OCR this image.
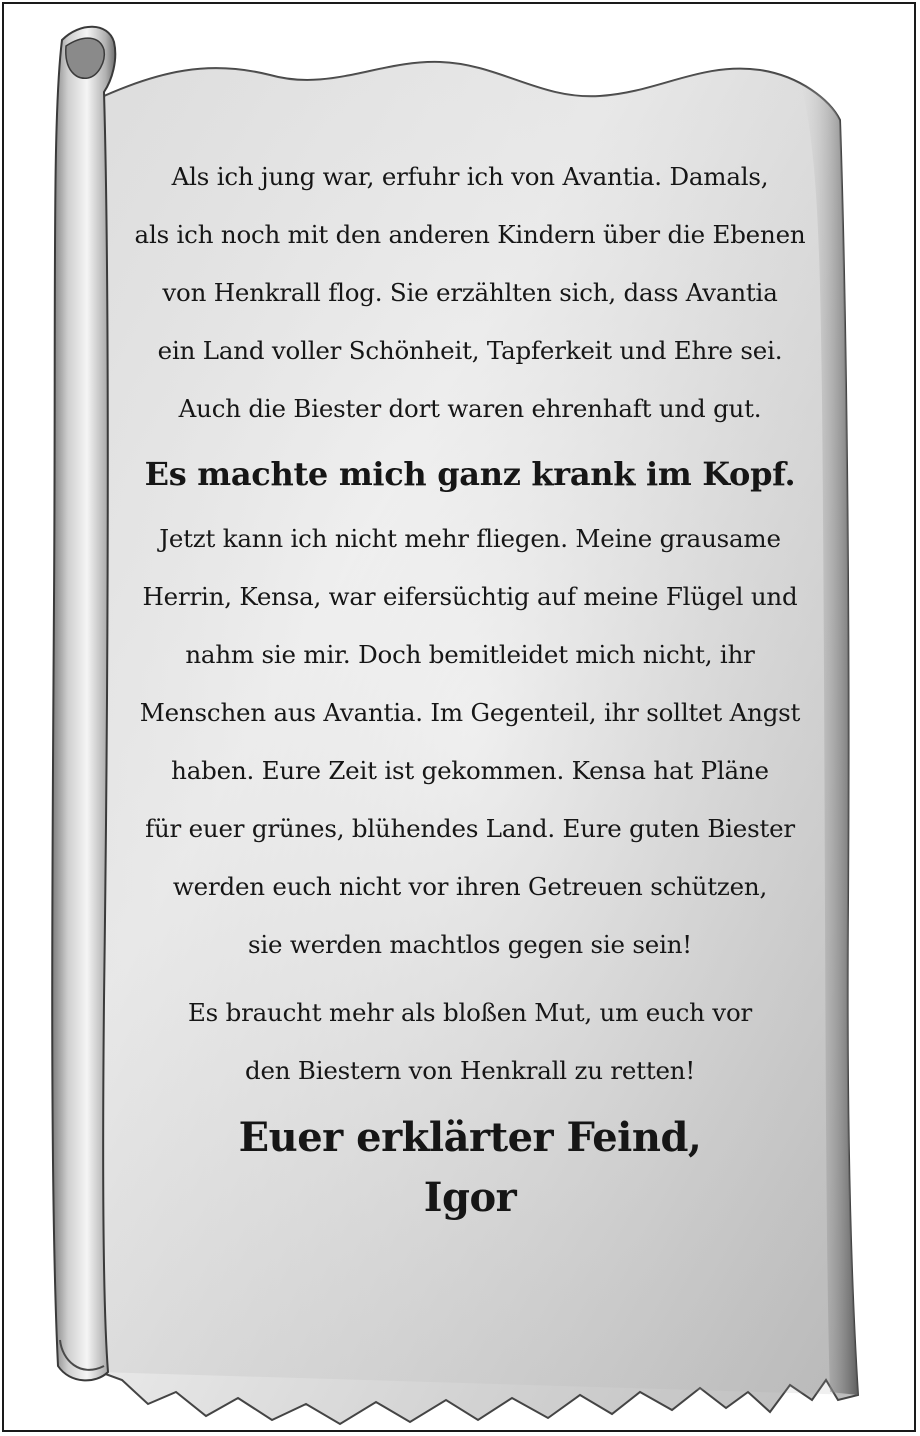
Als ich jung war, erfuhr ich von Avantia. Damals,
als ich noch mit den anderen Kindern über die Ebenen
von Henkrall flog. Sie erzählten sich, dass Avantia
ein Land voller Schönheit, Tapferkeit und Ehre sei.
Auch die Biester dort waren ehrenhaft und gut.

Es machte mich ganz krank im Kopf.

Jetzt kann ich nicht mehr fliegen. Meine grausame
Herrin, Kensa, war eifersüchtig auf meine Flügel und
nahm sie mir. Doch bemitleidet mich nicht, ihr
Menschen aus Avantia. Im Gegenteil, ihr solltet Angst
haben. Eure Zeit ist gekommen. Kensa hat Pläne
für euer grünes, blühendes Land. Eure guten Biester
werden euch nicht vor ihren Getreuen schützen,
sie werden machtlos gegen sie sein!

Es braucht mehr als bloßen Mut, um euch vor
den Biestern von Henkrall zu retten!

Euer erklärter Feind,
Igor
